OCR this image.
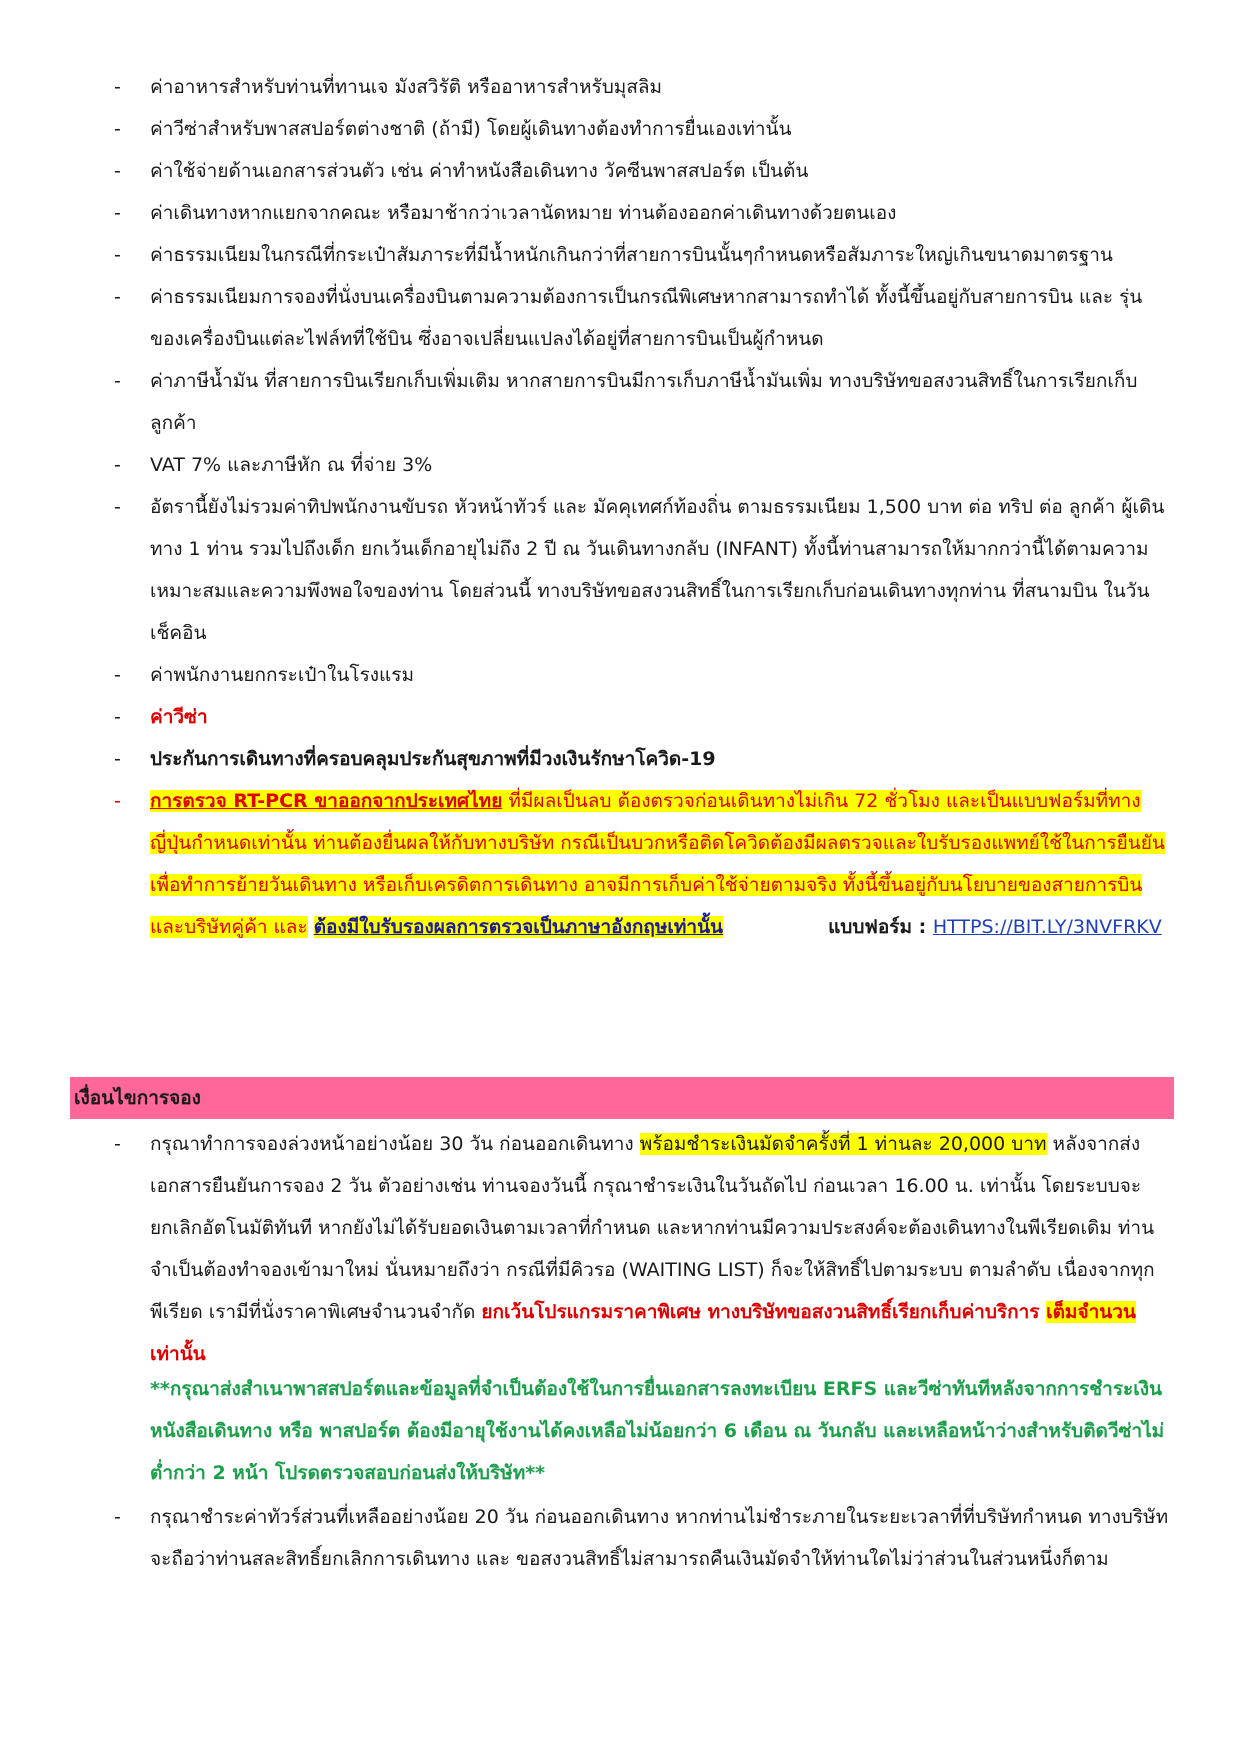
- ค่าอาหารสำหรับท่านที่ทานเจ มังสวิรัติ หรืออาหารสำหรับมุสลิม
- ค่าวีซ่าสำหรับพาสสปอร์ตต่างชาติ (ถ้ามี) โดยผู้เดินทางต้องทำการยื่นเองเท่านั้น
- ค่าใช้จ่ายด้านเอกสารส่วนตัว เช่น ค่าทำหนังสือเดินทาง วัคซีนพาสสปอร์ต เป็นต้น
- ค่าเดินทางหากแยกจากคณะ หรือมาช้ากว่าเวลานัดหมาย ท่านต้องออกค่าเดินทางด้วยตนเอง
- ค่าธรรมเนียมในกรณีที่กระเป๋าสัมภาระที่มีน้ำหนักเกินกว่าที่สายการบินนั้นๆกำหนดหรือสัมภาระใหญ่เกินขนาดมาตรฐาน
- ค่าธรรมเนียมการจองที่นั่งบนเครื่องบินตามความต้องการเป็นกรณีพิเศษหากสามารถทำได้ ทั้งนี้ขึ้นอยู่กับสายการบิน และ รุ่นของเครื่องบินแต่ละไฟล์ทที่ใช้บิน ซึ่งอาจเปลี่ยนแปลงได้อยู่ที่สายการบินเป็นผู้กำหนด
- ค่าภาษีน้ำมัน ที่สายการบินเรียกเก็บเพิ่มเติม หากสายการบินมีการเก็บภาษีน้ำมันเพิ่ม ทางบริษัทขอสงวนสิทธิ์ในการเรียกเก็บลูกค้า
- VAT 7% และภาษีหัก ณ ที่จ่าย 3%
- อัตรานี้ยังไม่รวมค่าทิปพนักงานขับรถ หัวหน้าทัวร์ และ มัคคุเทศก์ท้องถิ่น ตามธรรมเนียม 1,500 บาท ต่อ ทริป ต่อ ลูกค้า ผู้เดินทาง 1 ท่าน รวมไปถึงเด็ก ยกเว้นเด็กอายุไม่ถึง 2 ปี ณ วันเดินทางกลับ (INFANT) ทั้งนี้ท่านสามารถให้มากกว่านี้ได้ตามความเหมาะสมและความพึงพอใจของท่าน โดยส่วนนี้ ทางบริษัทขอสงวนสิทธิ์ในการเรียกเก็บก่อนเดินทางทุกท่าน ที่สนามบิน ในวันเช็คอิน
- ค่าพนักงานยกกระเป๋าในโรงแรม
- ค่าวีซ่า
- ประกันการเดินทางที่ครอบคลุมประกันสุขภาพที่มีวงเงินรักษาโควิด-19
- การตรวจ RT-PCR ขาออกจากประเทศไทย ที่มีผลเป็นลบ ต้องตรวจก่อนเดินทางไม่เกิน 72 ชั่วโมง และเป็นแบบฟอร์มที่ทางญี่ปุ่นกำหนดเท่านั้น ท่านต้องยื่นผลให้กับทางบริษัท กรณีเป็นบวกหรือติดโควิดต้องมีผลตรวจและใบรับรองแพทย์ใช้ในการยืนยัน เพื่อทำการย้ายวันเดินทาง หรือเก็บเครดิตการเดินทาง อาจมีการเก็บค่าใช้จ่ายตามจริง ทั้งนี้ขึ้นอยู่กับนโยบายของสายการบินและบริษัทคู่ค้า และ ต้องมีใบรับรองผลการตรวจเป็นภาษาอังกฤษเท่านั้น	แบบฟอร์ม : HTTPS://BIT.LY/3NVFRKV
เงื่อนไขการจอง
- กรุณาทำการจองล่วงหน้าอย่างน้อย 30 วัน ก่อนออกเดินทาง พร้อมชำระเงินมัดจำครั้งที่ 1 ท่านละ 20,000 บาท หลังจากส่งเอกสารยืนยันการจอง 2 วัน ตัวอย่างเช่น ท่านจองวันนี้ กรุณาชำระเงินในวันถัดไป ก่อนเวลา 16.00 น. เท่านั้น โดยระบบจะยกเลิกอัตโนมัติทันที หากยังไม่ได้รับยอดเงินตามเวลาที่กำหนด และหากท่านมีความประสงค์จะต้องเดินทางในพีเรียดเดิม ท่านจำเป็นต้องทำจองเข้ามาใหม่ นั่นหมายถึงว่า กรณีที่มีคิวรอ (WAITING LIST) ก็จะให้สิทธิ์ไปตามระบบ ตามลำดับ เนื่องจากทุกพีเรียด เรามีที่นั่งราคาพิเศษจำนวนจำกัด ยกเว้นโปรแกรมราคาพิเศษ ทางบริษัทขอสงวนสิทธิ์เรียกเก็บค่าบริการ เต็มจำนวน เท่านั้น
**กรุณาส่งสำเนาพาสสปอร์ตและข้อมูลที่จำเป็นต้องใช้ในการยื่นเอกสารลงทะเบียน ERFS และวีซ่าทันทีหลังจากการชำระเงิน หนังสือเดินทาง หรือ พาสปอร์ต ต้องมีอายุใช้งานได้คงเหลือไม่น้อยกว่า 6 เดือน ณ วันกลับ และเหลือหน้าว่างสำหรับติดวีซ่าไม่ต่ำกว่า 2 หน้า โปรดตรวจสอบก่อนส่งให้บริษัท**
- กรุณาชำระค่าทัวร์ส่วนที่เหลืออย่างน้อย 20 วัน ก่อนออกเดินทาง หากท่านไม่ชำระภายในระยะเวลาที่ที่บริษัทกำหนด ทางบริษัทจะถือว่าท่านสละสิทธิ์ยกเลิกการเดินทาง และ ขอสงวนสิทธิ์ไม่สามารถคืนเงินมัดจำให้ท่านใดไม่ว่าส่วนในส่วนหนึ่งก็ตาม
